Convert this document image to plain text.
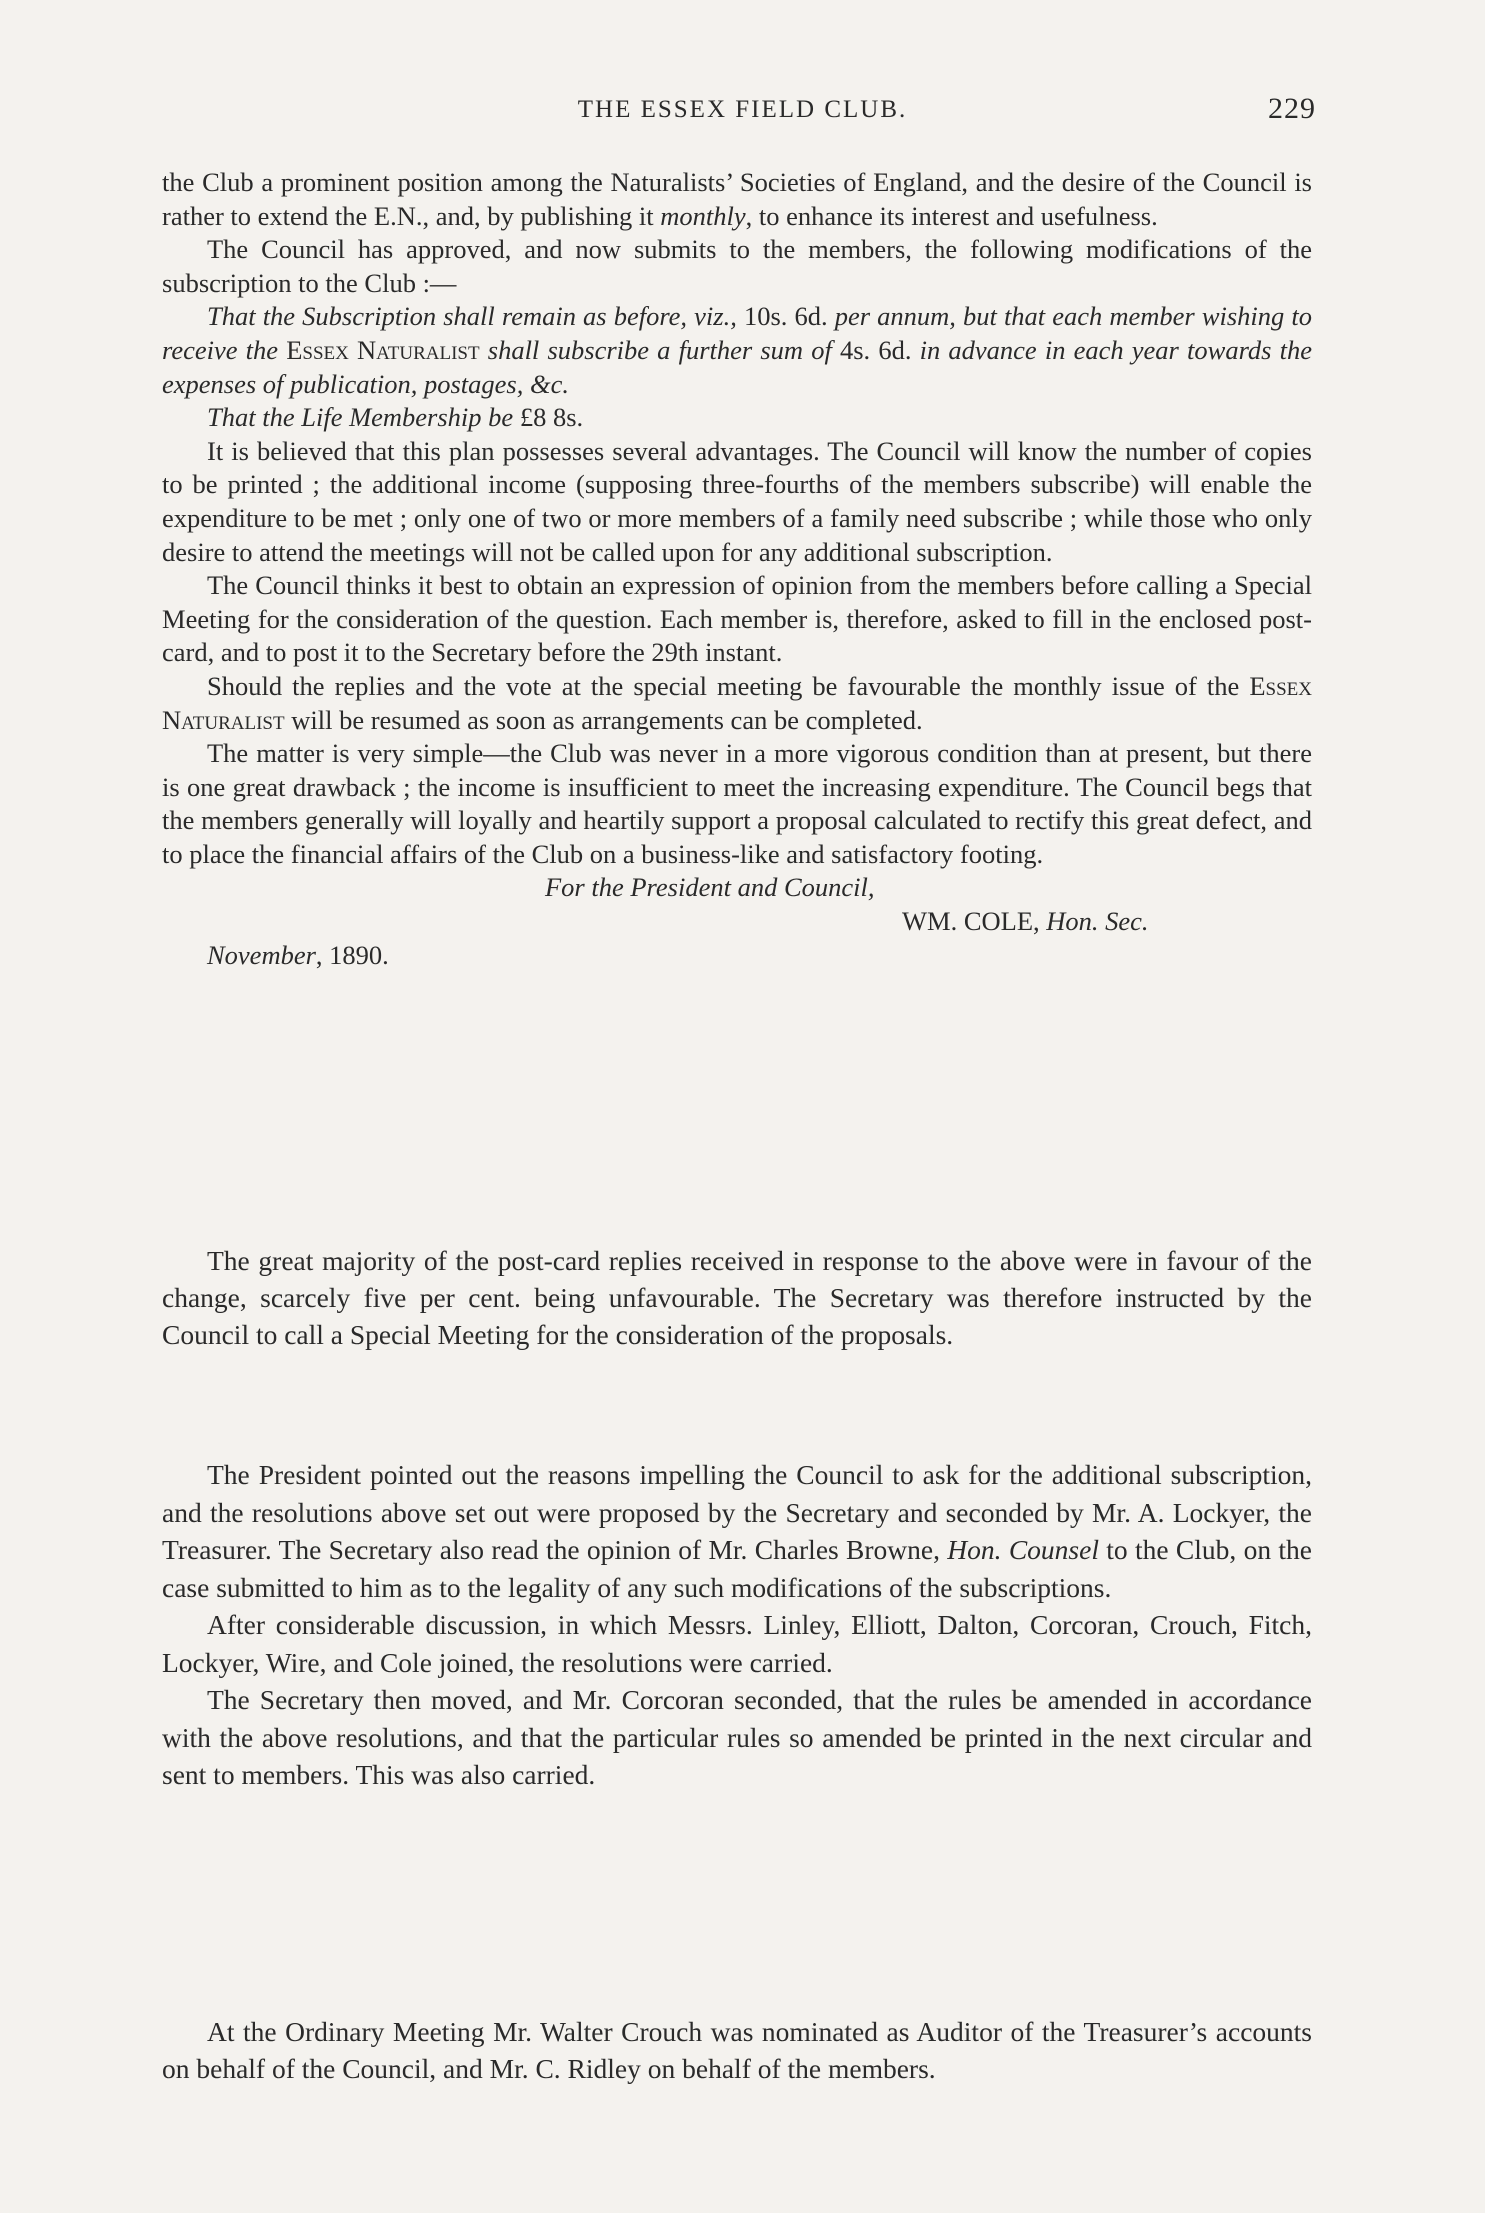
THE ESSEX FIELD CLUB.	229

the Club a prominent position among the Naturalists’ Societies of England, and the desire of the Council is rather to extend the E.N., and, by publishing it monthly, to enhance its interest and usefulness.

The Council has approved, and now submits to the members, the following modifications of the subscription to the Club :—

That the Subscription shall remain as before, viz., 10s. 6d. per annum, but that each member wishing to receive the Essex Naturalist shall subscribe a further sum of 4s. 6d. in advance in each year towards the expenses of publication, postages, &c.

That the Life Membership be £8 8s.

It is believed that this plan possesses several advantages. The Council will know the number of copies to be printed ; the additional income (supposing three-fourths of the members subscribe) will enable the expenditure to be met ; only one of two or more members of a family need subscribe ; while those who only desire to attend the meetings will not be called upon for any additional subscription.

The Council thinks it best to obtain an expression of opinion from the members before calling a Special Meeting for the consideration of the question. Each member is, therefore, asked to fill in the enclosed post-card, and to post it to the Secretary before the 29th instant.

Should the replies and the vote at the special meeting be favourable the monthly issue of the Essex Naturalist will be resumed as soon as arrangements can be completed.

The matter is very simple—the Club was never in a more vigorous condition than at present, but there is one great drawback ; the income is insufficient to meet the increasing expenditure. The Council begs that the members generally will loyally and heartily support a proposal calculated to rectify this great defect, and to place the financial affairs of the Club on a business-like and satisfactory footing.

For the President and Council,

WM. COLE, Hon. Sec.

November, 1890.

The great majority of the post-card replies received in response to the above were in favour of the change, scarcely five per cent. being unfavourable. The Secretary was therefore instructed by the Council to call a Special Meeting for the consideration of the proposals.

The President pointed out the reasons impelling the Council to ask for the additional subscription, and the resolutions above set out were proposed by the Secretary and seconded by Mr. A. Lockyer, the Treasurer. The Secretary also read the opinion of Mr. Charles Browne, Hon. Counsel to the Club, on the case submitted to him as to the legality of any such modifications of the subscriptions.

After considerable discussion, in which Messrs. Linley, Elliott, Dalton, Corcoran, Crouch, Fitch, Lockyer, Wire, and Cole joined, the resolutions were carried.

The Secretary then moved, and Mr. Corcoran seconded, that the rules be amended in accordance with the above resolutions, and that the particular rules so amended be printed in the next circular and sent to members. This was also carried.

At the Ordinary Meeting Mr. Walter Crouch was nominated as Auditor of the Treasurer’s accounts on behalf of the Council, and Mr. C. Ridley on behalf of the members.
